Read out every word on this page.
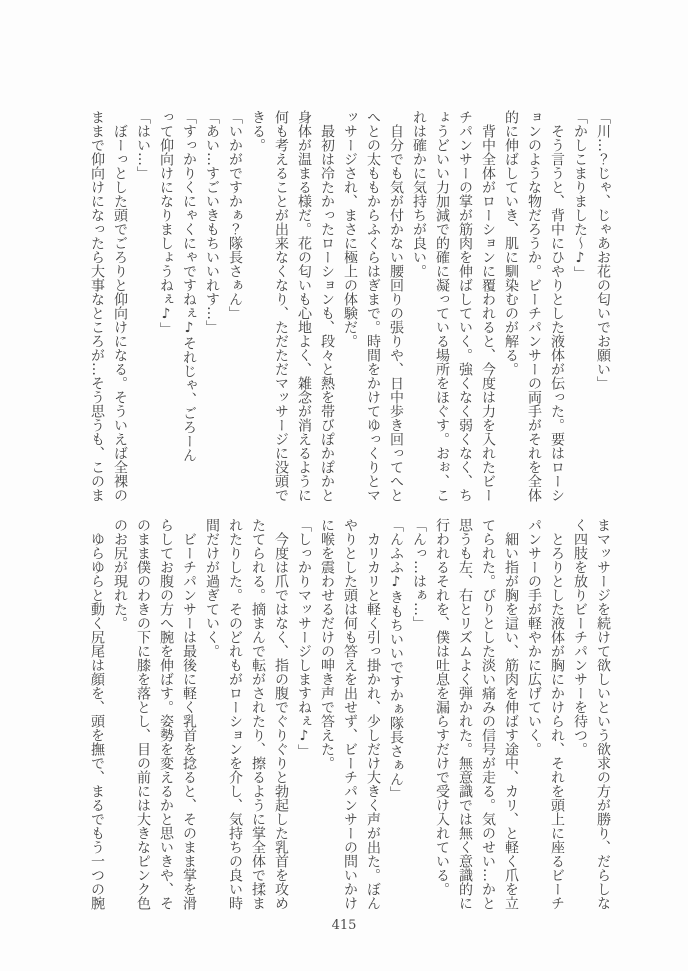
「川…？じゃ、じゃあお花の匂いでお願い」

「かしこまりました～♪」

　そう言うと、背中にひやりとした液体が伝った。要はローシ

ョンのような物だろうか。ビーチパンサーの両手がそれを全体

的に伸ばしていき、肌に馴染むのが解る。

　背中全体がローションに覆われると、今度は力を入れたビー

チパンサーの掌が筋肉を伸ばしていく。強くなく弱くなく、ち

ょうどいい力加減で的確に凝っている場所をほぐす。おぉ、こ

れは確かに気持ちが良い。

　自分でも気が付かない腰回りの張りや、日中歩き回ってへと

へとの太ももからふくらはぎまで。時間をかけてゆっくりとマ

ッサージされ、まさに極上の体験だ。

　最初は冷たかったローションも、段々と熱を帯びぽかぽかと

身体が温まる様だ。花の匂いも心地よく、雑念が消えるように

何も考えることが出来なくなり、ただただマッサージに没頭で

きる。

「いかがですかぁ？隊長さぁん」

「あい…すごいきもちいいれす…」

「すっかりくにゃくにゃですねぇ♪それじゃ、ごろーん

って仰向けになりましょうねぇ♪」

「はい…」

　ぼーっとした頭でごろりと仰向けになる。そういえば全裸の

ままで仰向けになったら大事なところが…そう思うも、このま

まマッサージを続けて欲しいという欲求の方が勝り、だらしな

く四肢を放りビーチパンサーを待つ。

　とろりとした液体が胸にかけられ、それを頭上に座るビーチ

パンサーの手が軽やかに広げていく。

　細い指が胸を這い、筋肉を伸ばす途中、カリ、と軽く爪を立

てられた。ぴりとした淡い痛みの信号が走る。気のせい…かと

思うも左、右とリズムよく弾かれた。無意識では無く意識的に

行われるそれを、僕は吐息を漏らすだけで受け入れている。

「んっ…はぁ…」

「んふふ♪きもちいいですかぁ隊長さぁん」

　カリカリと軽く引っ掛かれ、少しだけ大きく声が出た。ぼん

やりとした頭は何も答えを出せず、ビーチパンサーの問いかけ

に喉を震わせるだけの呻き声で答えた。

「しっかりマッサージしますねぇ♪」

　今度は爪ではなく、指の腹でぐりぐりと勃起した乳首を攻め

たてられる。摘まんで転がされたり、擦るように掌全体で揉ま

れたりした。そのどれもがローションを介し、気持ちの良い時

間だけが過ぎていく。

　ビーチパンサーは最後に軽く乳首を捻ると、そのまま掌を滑

らしてお腹の方へ腕を伸ばす。姿勢を変えるかと思いきや、そ

のまま僕のわきの下に膝を落とし、目の前には大きなピンク色

のお尻が現れた。

　ゆらゆらと動く尻尾は顔を、頭を撫で、まるでもう一つの腕

415
